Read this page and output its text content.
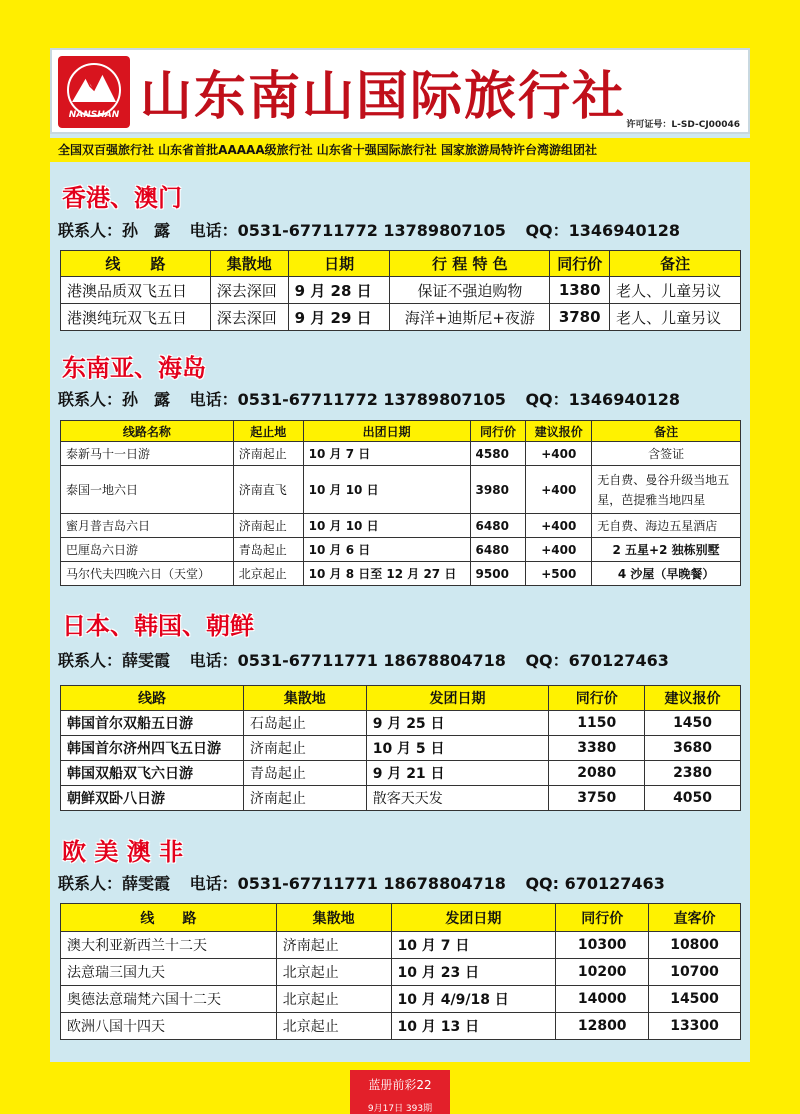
NANSHAN 山东南山国际旅行社 许可证号：L-SD-CJ00046
全国双百强旅行社 山东省首批AAAAA级旅行社 山东省十强国际旅行社 国家旅游局特许台湾游组团社
香港、澳门
联系人：孙　露 电话：0531-67711772 13789807105 QQ：1346940128
线　　路	集散地	日期	行 程 特 色	同行价	备注
港澳品质双飞五日	深去深回	9 月 28 日	保证不强迫购物	1380	老人、儿童另议
港澳纯玩双飞五日	深去深回	9 月 29 日	海洋+迪斯尼+夜游	3780	老人、儿童另议
东南亚、海岛
联系人：孙　露 电话：0531-67711772 13789807105 QQ：1346940128
线路名称	起止地	出团日期	同行价	建议报价	备注
泰新马十一日游	济南起止	10 月 7 日	4580	+400	含签证
泰国一地六日	济南直飞	10 月 10 日	3980	+400	无自费、曼谷升级当地五星，芭提雅当地四星
蜜月普吉岛六日	济南起止	10 月 10 日	6480	+400	无自费、海边五星酒店
巴厘岛六日游	青岛起止	10 月 6 日	6480	+400	2 五星+2 独栋别墅
马尔代夫四晚六日（天堂）	北京起止	10 月 8 日至 12 月 27 日	9500	+500	4 沙屋（早晚餐）
日本、韩国、朝鲜
联系人：薛雯霞 电话：0531-67711771 18678804718 QQ：670127463
线路	集散地	发团日期	同行价	建议报价
韩国首尔双船五日游	石岛起止	9 月 25 日	1150	1450
韩国首尔济州四飞五日游	济南起止	10 月 5 日	3380	3680
韩国双船双飞六日游	青岛起止	9 月 21 日	2080	2380
朝鲜双卧八日游	济南起止	散客天天发	3750	4050
欧 美 澳 非
联系人：薛雯霞 电话：0531-67711771 18678804718 QQ: 670127463
线　　路	集散地	发团日期	同行价	直客价
澳大利亚新西兰十二天	济南起止	10 月 7 日	10300	10800
法意瑞三国九天	北京起止	10 月 23 日	10200	10700
奥德法意瑞梵六国十二天	北京起止	10 月 4/9/18 日	14000	14500
欧洲八国十四天	北京起止	10 月 13 日	12800	13300
蓝册前彩22
9月17日 393期
